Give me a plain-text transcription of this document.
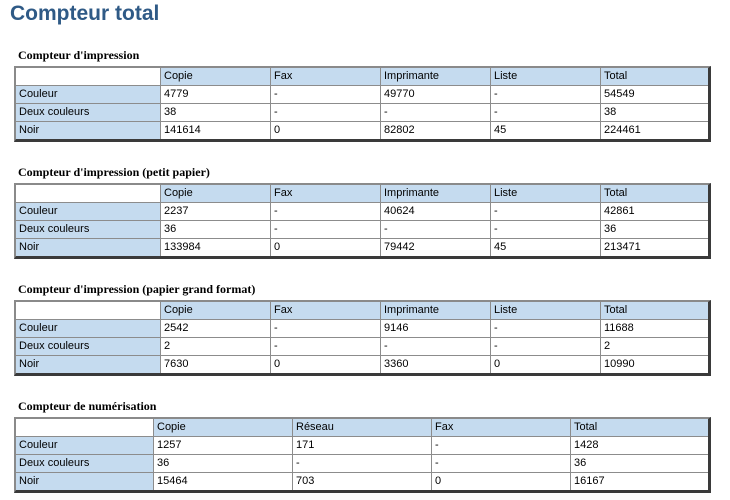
Compteur total
Compteur d'impression
	Copie	Fax	Imprimante	Liste	Total
Couleur	4779	-	49770	-	54549
Deux couleurs	38	-	-	-	38
Noir	141614	0	82802	45	224461
Compteur d'impression (petit papier)
	Copie	Fax	Imprimante	Liste	Total
Couleur	2237	-	40624	-	42861
Deux couleurs	36	-	-	-	36
Noir	133984	0	79442	45	213471
Compteur d'impression (papier grand format)
	Copie	Fax	Imprimante	Liste	Total
Couleur	2542	-	9146	-	11688
Deux couleurs	2	-	-	-	2
Noir	7630	0	3360	0	10990
Compteur de numérisation
	Copie	Réseau	Fax	Total
Couleur	1257	171	-	1428
Deux couleurs	36	-	-	36
Noir	15464	703	0	16167
